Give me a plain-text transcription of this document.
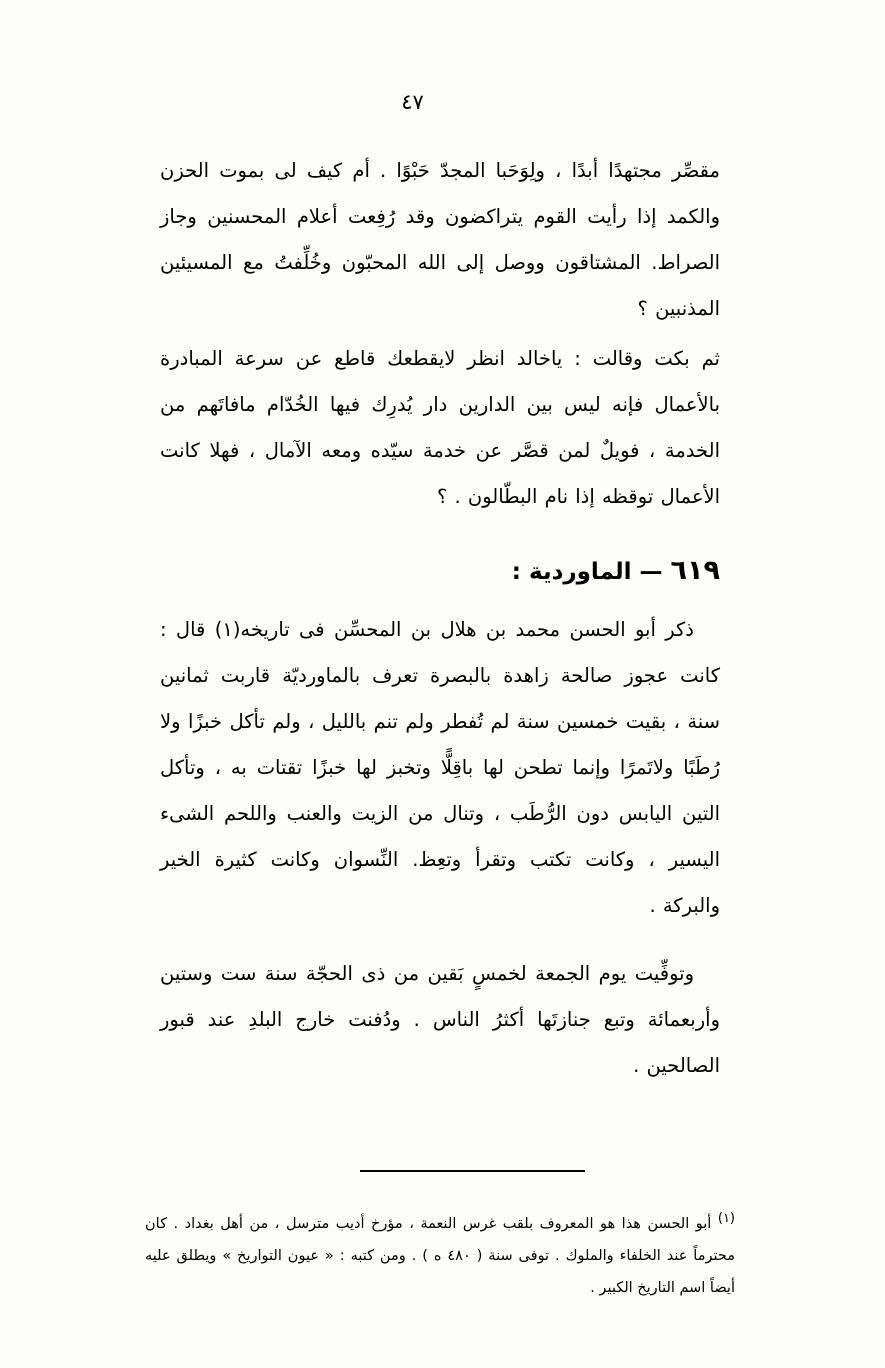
٤٧

مقصِّر مجتهدًا أبدًا ، ولِوَحَبا المجدّ حَبْوًا . أم كيف لى بموت الحزن والكمد إذا رأيت القوم يتراكضون وقد رُفِعت أعلام المحسنين وجاز الصراط. المشتاقون ووصل إلى الله المحبّون وخُلِّفتُ مع المسيئين المذنبين ؟

ثم بكت وقالت : ياخالد انظر لايقطعك قاطع عن سرعة المبادرة بالأعمال فإنه ليس بين الدارين دار يُدرِك فيها الخُدّام مافاتَهم من الخدمة ، فويلٌ لمن قصَّر عن خدمة سيّده ومعه الآمال ، فهلا كانت الأعمال توقظه إذا نام البطّالون . ؟

٦١٩ — الماوردية :

ذكر أبو الحسن محمد بن هلال بن المحسِّن فى تاريخه(١) قال : كانت عجوز صالحة زاهدة بالبصرة تعرف بالماورديّة قاربت ثمانين سنة ، بقيت خمسين سنة لم تُفطر ولم تنم بالليل ، ولم تأكل خبزًا ولا رُطَبًا ولاتَمرًا وإنما تطحن لها باقِلًّا وتخبز لها خبزًا تقتات به ، وتأكل التين اليابس دون الرُّطَب ، وتنال من الزيت والعنب واللحم الشىء اليسير ، وكانت تكتب وتقرأ وتعِظ. النِّسوان وكانت كثيرة الخير والبركة .

وتوفِّيت يوم الجمعة لخمسٍ بَقين من ذى الحجّة سنة ست وستين وأربعمائة وتبع جنازتَها أكثرُ الناس . ودُفنت خارج البلدِ عند قبور الصالحين .

(١) أبو الحسن هذا هو المعروف بلقب غرس النعمة ، مؤرخ أديب مترسل ، من أهل بغداد . كان محترماً عند الخلفاء والملوك . توفى سنة ( ٤٨٠ ه ) . ومن كتبه : « عيون التواريخ » ويطلق عليه أيضاً اسم التاريخ الكبير .
